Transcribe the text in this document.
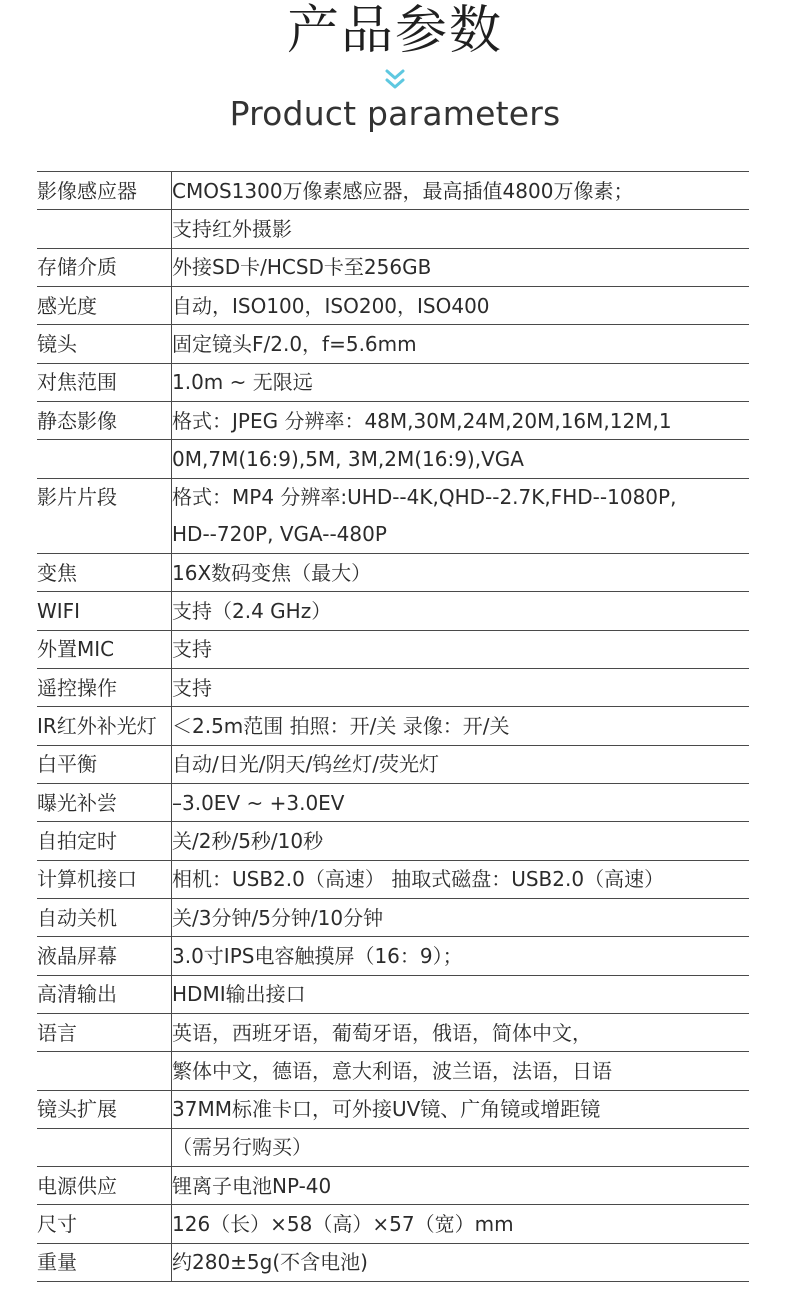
产品参数
Product parameters
影像感应器	CMOS1300万像素感应器，最高插值4800万像素；
	支持红外摄影
存储介质	外接SD卡/HCSD卡至256GB
感光度	自动，ISO100，ISO200，ISO400
镜头	固定镜头F/2.0，f=5.6mm
对焦范围	1.0m ~ 无限远
静态影像	格式：JPEG 分辨率：48M,30M,24M,20M,16M,12M,1
	0M,7M(16:9),5M, 3M,2M(16:9),VGA
影片片段	格式：MP4 分辨率:UHD--4K,QHD--2.7K,FHD--1080P,
	HD--720P, VGA--480P
变焦	16X数码变焦（最大）
WIFI	支持（2.4 GHz）
外置MIC	支持
遥控操作	支持
IR红外补光灯	＜2.5m范围 拍照：开/关 录像：开/关
白平衡	自动/日光/阴天/钨丝灯/荧光灯
曝光补尝	–3.0EV ~ +3.0EV
自拍定时	关/2秒/5秒/10秒
计算机接口	相机：USB2.0（高速） 抽取式磁盘：USB2.0（高速）
自动关机	关/3分钟/5分钟/10分钟
液晶屏幕	3.0寸IPS电容触摸屏（16：9）；
高清输出	HDMI输出接口
语言	英语，西班牙语，葡萄牙语，俄语，简体中文，
	繁体中文，德语，意大利语，波兰语，法语，日语
镜头扩展	37MM标准卡口，可外接UV镜、广角镜或增距镜
	（需另行购买）
电源供应	锂离子电池NP-40
尺寸	126（长）×58（高）×57（宽）mm
重量	约280±5g(不含电池)
